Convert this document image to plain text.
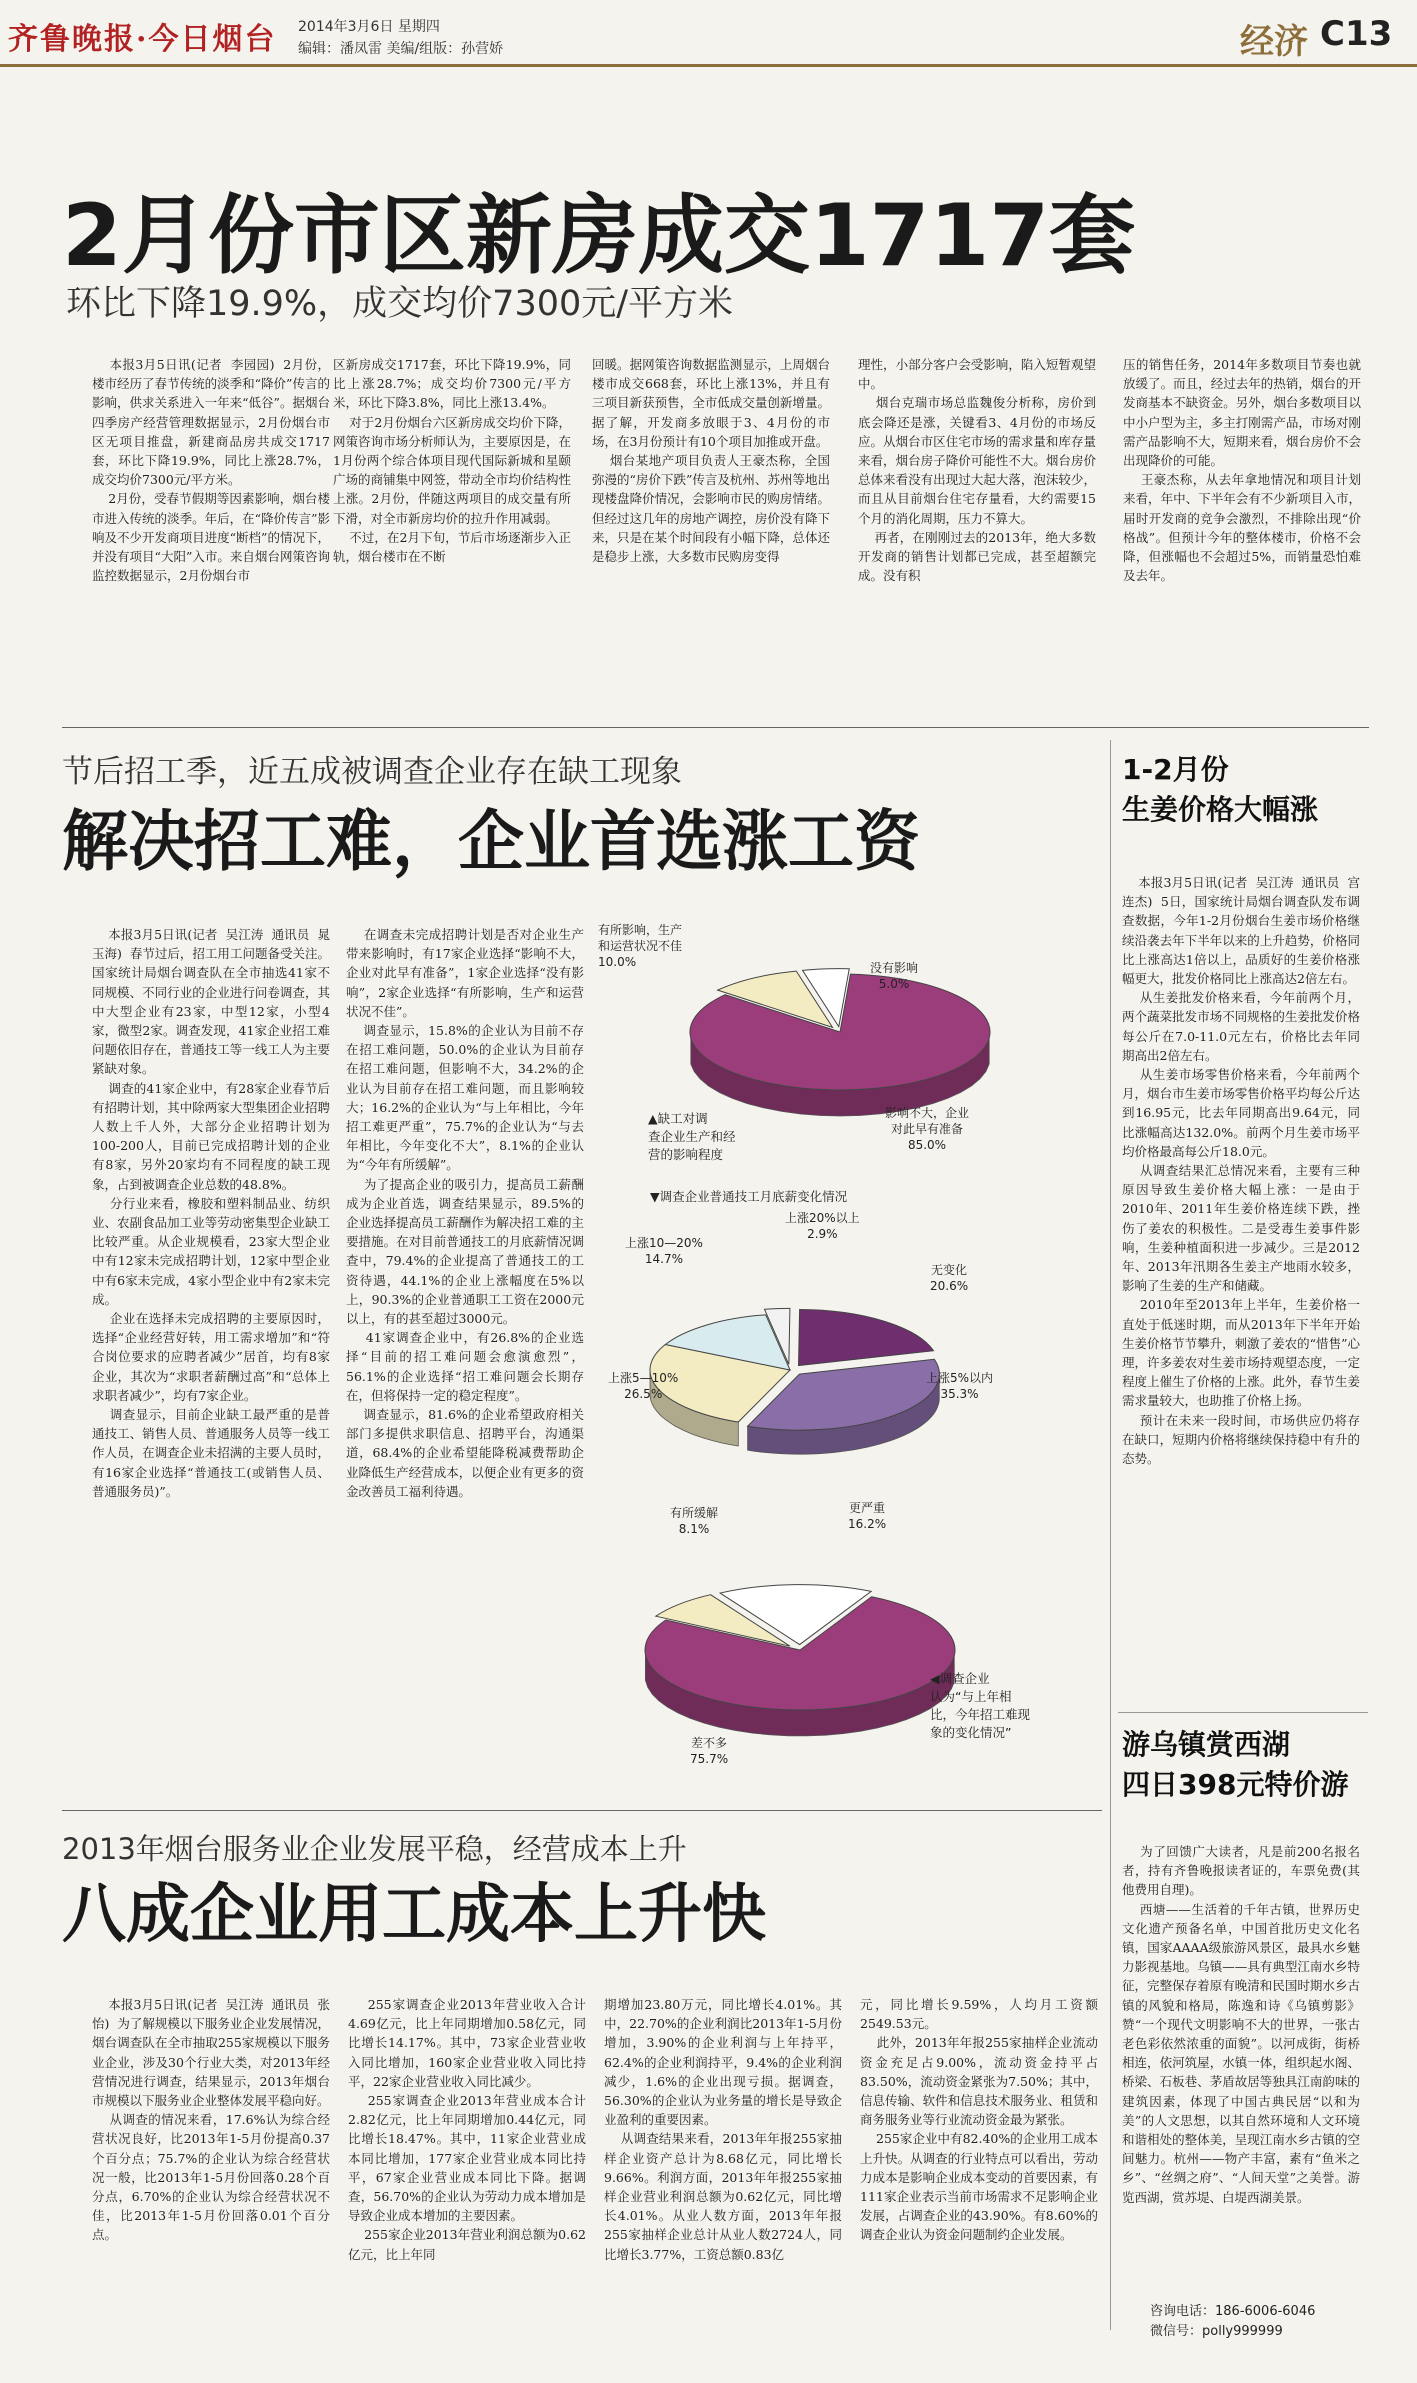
齐鲁晚报·今日烟台 2014年3月6日 星期四
编辑：潘凤雷 美编/组版：孙营娇	经济 C13
2月份市区新房成交1717套
环比下降19.9%，成交均价7300元/平方米
本报3月5日讯(记者  李园园)  2月份，楼市经历了春节传统的淡季和“降价”传言的影响，供求关系进入一年来“低谷”。据烟台四季房产经营管理数据显示，2月份烟台市区无项目推盘，新建商品房共成交1717套，环比下降19.9%，同比上涨28.7%，成交均价7300元/平方米。
2月份，受春节假期等因素影响，烟台楼市进入传统的淡季。年后，在“降价传言”影响及不少开发商项目进度“断档”的情况下，并没有项目“大阳”入市。来自烟台网策咨询监控数据显示，2月份烟台市
区新房成交1717套，环比下降19.9%，同比上涨28.7%；成交均价7300元/平方米，环比下降3.8%，同比上涨13.4%。
对于2月份烟台六区新房成交均价下降，网策咨询市场分析师认为，主要原因是，在1月份两个综合体项目现代国际新城和星颐广场的商铺集中网签，带动全市均价结构性上涨。2月份，伴随这两项目的成交量有所下滑，对全市新房均价的拉升作用减弱。
不过，在2月下旬，节后市场逐渐步入正轨，烟台楼市在不断
回暖。据网策咨询数据监测显示，上周烟台楼市成交668套，环比上涨13%，并且有三项目新获预售，全市低成交量创新增量。据了解，开发商多放眼于3、4月份的市场，在3月份预计有10个项目加推或开盘。
烟台某地产项目负责人王豪杰称，全国弥漫的“房价下跌”传言及杭州、苏州等地出现楼盘降价情况，会影响市民的购房情绪。但经过这几年的房地产调控，房价没有降下来，只是在某个时间段有小幅下降，总体还是稳步上涨，大多数市民购房变得
理性，小部分客户会受影响，陷入短暂观望中。
烟台克瑞市场总监魏俊分析称，房价到底会降还是涨，关键看3、4月份的市场反应。从烟台市区住宅市场的需求量和库存量来看，烟台房子降价可能性不大。烟台房价总体来看没有出现过大起大落，泡沫较少，而且从目前烟台住宅存量看，大约需要15个月的消化周期，压力不算大。
再者，在刚刚过去的2013年，绝大多数开发商的销售计划都已完成，甚至超额完成。没有积
压的销售任务，2014年多数项目节奏也就放缓了。而且，经过去年的热销，烟台的开发商基本不缺资金。另外，烟台多数项目以中小户型为主，多主打刚需产品，市场对刚需产品影响不大，短期来看，烟台房价不会出现降价的可能。
王豪杰称，从去年拿地情况和项目计划来看，年中、下半年会有不少新项目入市，届时开发商的竞争会激烈，不排除出现“价格战”。但预计今年的整体楼市，价格不会降，但涨幅也不会超过5%，而销量恐怕难及去年。
节后招工季，近五成被调查企业存在缺工现象
解决招工难，企业首选涨工资
本报3月5日讯(记者  吴江涛  通讯员  晁玉海)  春节过后，招工用工问题备受关注。国家统计局烟台调查队在全市抽选41家不同规模、不同行业的企业进行问卷调查，其中大型企业有23家，中型12家，小型4家，微型2家。调查发现，41家企业招工难问题依旧存在，普通技工等一线工人为主要紧缺对象。
调查的41家企业中，有28家企业春节后有招聘计划，其中除两家大型集团企业招聘人数上千人外，大部分企业招聘计划为100-200人，目前已完成招聘计划的企业有8家，另外20家均有不同程度的缺工现象，占到被调查企业总数的48.8%。
分行业来看，橡胶和塑料制品业、纺织业、农副食品加工业等劳动密集型企业缺工比较严重。从企业规模看，23家大型企业中有12家未完成招聘计划，12家中型企业中有6家未完成，4家小型企业中有2家未完成。
企业在选择未完成招聘的主要原因时，选择“企业经营好转，用工需求增加”和“符合岗位要求的应聘者减少”居首，均有8家企业，其次为“求职者薪酬过高”和“总体上求职者减少”，均有7家企业。
调查显示，目前企业缺工最严重的是普通技工、销售人员、普通服务人员等一线工作人员，在调查企业未招满的主要人员时，有16家企业选择“普通技工(或销售人员、普通服务员)”。
在调查未完成招聘计划是否对企业生产带来影响时，有17家企业选择“影响不大，企业对此早有准备”，1家企业选择“没有影响”，2家企业选择“有所影响，生产和运营状况不佳”。
调查显示，15.8%的企业认为目前不存在招工难问题，50.0%的企业认为目前存在招工难问题，但影响不大，34.2%的企业认为目前存在招工难问题，而且影响较大；16.2%的企业认为“与上年相比，今年招工难更严重”，75.7%的企业认为“与去年相比，今年变化不大”，8.1%的企业认为“今年有所缓解”。
为了提高企业的吸引力，提高员工薪酬成为企业首选，调查结果显示，89.5%的企业选择提高员工薪酬作为解决招工难的主要措施。在对目前普通技工的月底薪情况调查中，79.4%的企业提高了普通技工的工资待遇，44.1%的企业上涨幅度在5%以上，90.3%的企业普通职工工资在2000元以上，有的甚至超过3000元。
41家调查企业中，有26.8%的企业选择“目前的招工难问题会愈演愈烈”，56.1%的企业选择“招工难问题会长期存在，但将保持一定的稳定程度”。
调查显示，81.6%的企业希望政府相关部门多提供求职信息、招聘平台，沟通渠道，68.4%的企业希望能降税减费帮助企业降低生产经营成本，以便企业有更多的资金改善员工福利待遇。
有所影响，生产
和运营状况不佳
10.0%	没有影响
5.0%
影响不大，企业
对此早有准备
85.0%
▲缺工对调
查企业生产和经
营的影响程度
▼调查企业普通技工月底薪变化情况
上涨20%以上
2.9%
无变化
20.6%
上涨5%以内
35.3%
上涨5—10%
26.5%
上涨10—20%
14.7%
有所缓解
8.1%
更严重
16.2%
差不多
75.7%
◀调查企业
认为“与上年相
比，今年招工难现
象的变化情况”
1-2月份
生姜价格大幅涨
本报3月5日讯(记者  吴江涛  通讯员  宫连杰)  5日，国家统计局烟台调查队发布调查数据，今年1-2月份烟台生姜市场价格继续沿袭去年下半年以来的上升趋势，价格同比上涨高达1倍以上，品质好的生姜价格涨幅更大，批发价格同比上涨高达2倍左右。
从生姜批发价格来看，今年前两个月，两个蔬菜批发市场不同规格的生姜批发价格每公斤在7.0-11.0元左右，价格比去年同期高出2倍左右。
从生姜市场零售价格来看，今年前两个月，烟台市生姜市场零售价格平均每公斤达到16.95元，比去年同期高出9.64元，同比涨幅高达132.0%。前两个月生姜市场平均价格最高每公斤18.0元。
从调查结果汇总情况来看，主要有三种原因导致生姜价格大幅上涨：一是由于2010年、2011年生姜价格连续下跌，挫伤了姜农的积极性。二是受毒生姜事件影响，生姜种植面积进一步减少。三是2012年、2013年汛期各生姜主产地雨水较多，影响了生姜的生产和储藏。
2010年至2013年上半年，生姜价格一直处于低迷时期，而从2013年下半年开始生姜价格节节攀升，刺激了姜农的“惜售”心理，许多姜农对生姜市场持观望态度，一定程度上催生了价格的上涨。此外，春节生姜需求量较大，也助推了价格上扬。
预计在未来一段时间，市场供应仍将存在缺口，短期内价格将继续保持稳中有升的态势。
游乌镇赏西湖
四日398元特价游
为了回馈广大读者，凡是前200名报名者，持有齐鲁晚报读者证的，车票免费(其他费用自理)。
西塘——生活着的千年古镇，世界历史文化遗产预备名单，中国首批历史文化名镇，国家AAAA级旅游风景区，最具水乡魅力影视基地。乌镇——具有典型江南水乡特征，完整保存着原有晚清和民国时期水乡古镇的风貌和格局，陈逸和诗《乌镇剪影》赞“一个现代文明影响不大的世界，一张古老色彩依然浓重的面貌”。以河成街，街桥相连，依河筑屋，水镇一体，组织起水阁、桥梁、石板巷、茅盾故居等独具江南韵味的建筑因素，体现了中国古典民居“以和为美”的人文思想，以其自然环境和人文环境和谐相处的整体美，呈现江南水乡古镇的空间魅力。杭州——物产丰富，素有“鱼米之乡”、“丝绸之府”、“人间天堂”之美誉。游览西湖，赏苏堤、白堤西湖美景。
咨询电话：186-6006-6046
微信号：polly999999
2013年烟台服务业企业发展平稳，经营成本上升
八成企业用工成本上升快
本报3月5日讯(记者  吴江涛  通讯员  张怡)  为了解规模以下服务业企业发展情况，烟台调查队在全市抽取255家规模以下服务业企业，涉及30个行业大类，对2013年经营情况进行调查，结果显示，2013年烟台市规模以下服务业企业整体发展平稳向好。
从调查的情况来看，17.6%认为综合经营状况良好，比2013年1-5月份提高0.37个百分点；75.7%的企业认为综合经营状况一般，比2013年1-5月份回落0.28个百分点，6.70%的企业认为综合经营状况不佳，比2013年1-5月份回落0.01个百分点。
255家调查企业2013年营业收入合计4.69亿元，比上年同期增加0.58亿元，同比增长14.17%。其中，73家企业营业收入同比增加，160家企业营业收入同比持平，22家企业营业收入同比减少。
255家调查企业2013年营业成本合计2.82亿元，比上年同期增加0.44亿元，同比增长18.47%。其中，11家企业营业成本同比增加，177家企业营业成本同比持平，67家企业营业成本同比下降。据调查，56.70%的企业认为劳动力成本增加是导致企业成本增加的主要因素。
255家企业2013年营业利润总额为0.62亿元，比上年同
期增加23.80万元，同比增长4.01%。其中，22.70%的企业利润比2013年1-5月份增加，3.90%的企业利润与上年持平，62.4%的企业利润持平，9.4%的企业利润减少，1.6%的企业出现亏损。据调查，56.30%的企业认为业务量的增长是导致企业盈利的重要因素。
从调查结果来看，2013年年报255家抽样企业资产总计为8.68亿元，同比增长9.66%。利润方面，2013年年报255家抽样企业营业利润总额为0.62亿元，同比增长4.01%。从业人数方面，2013年年报255家抽样企业总计从业人数2724人，同比增长3.77%，工资总额0.83亿
元，同比增长9.59%，人均月工资额2549.53元。
此外，2013年年报255家抽样企业流动资金充足占9.00%，流动资金持平占83.50%，流动资金紧张为7.50%；其中，信息传输、软件和信息技术服务业、租赁和商务服务业等行业流动资金最为紧张。
255家企业中有82.40%的企业用工成本上升快。从调查的行业特点可以看出，劳动力成本是影响企业成本变动的首要因素，有111家企业表示当前市场需求不足影响企业发展，占调查企业的43.90%。有8.60%的调查企业认为资金问题制约企业发展。
